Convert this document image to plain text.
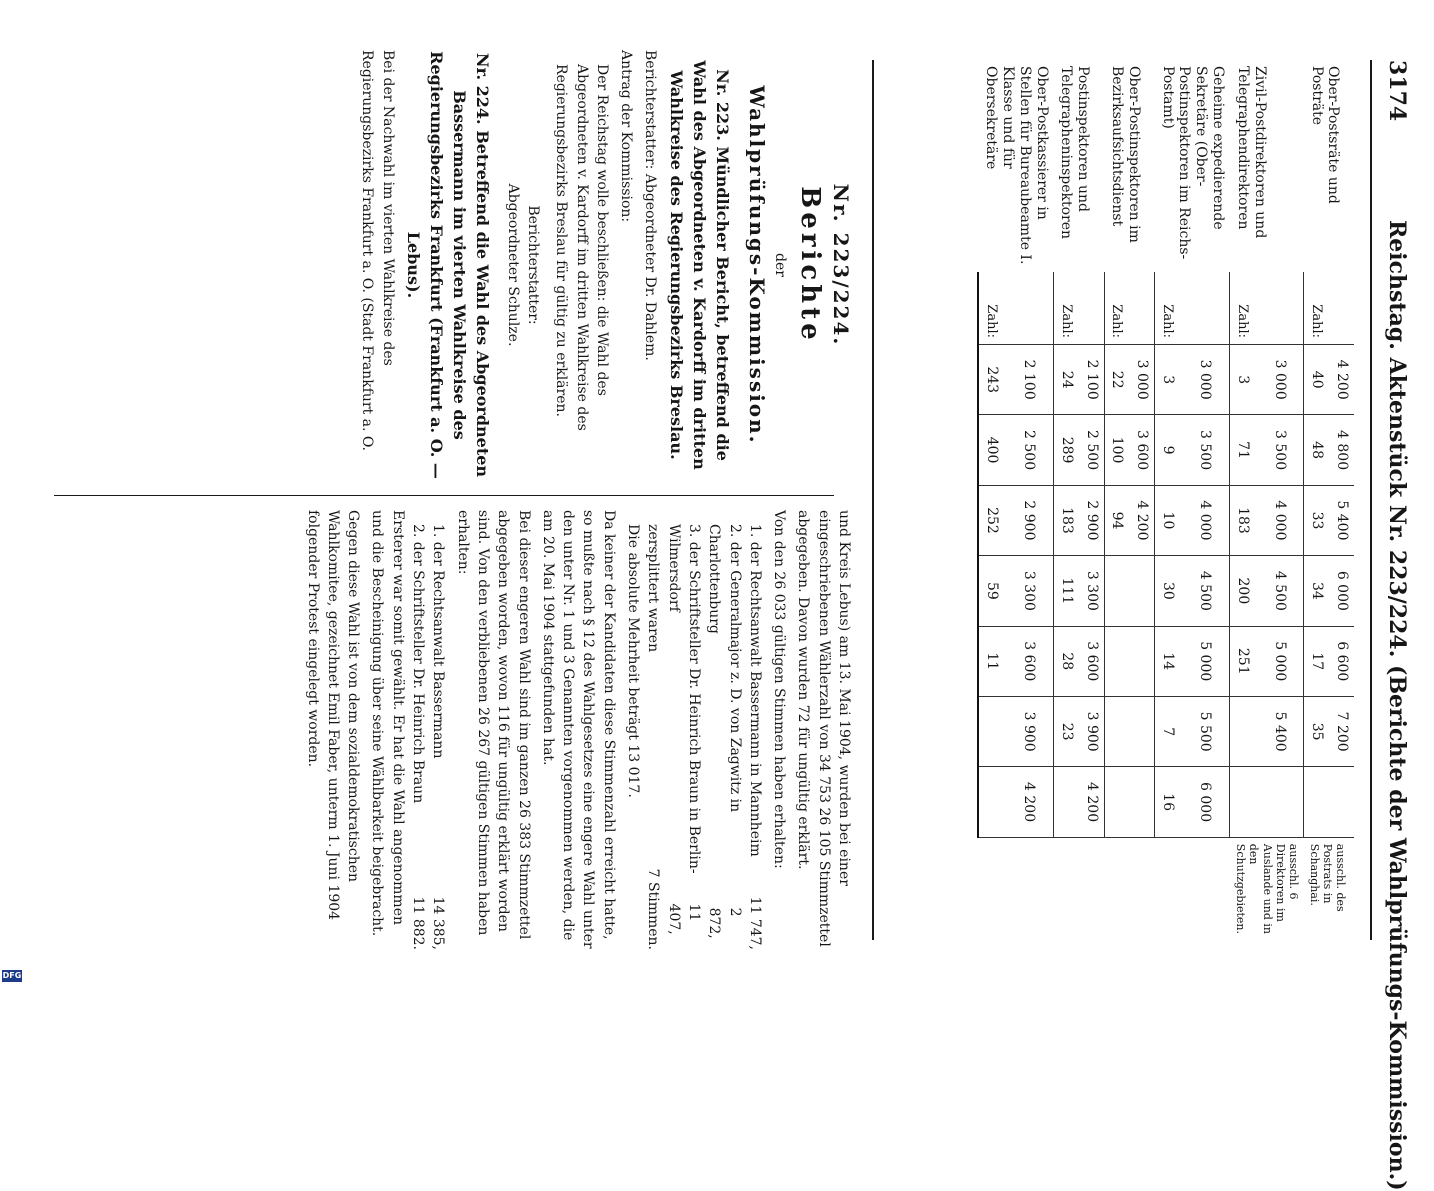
3174
Reichstag. Aktenstück Nr. 223/224. (Berichte der Wahlprüfungs-Kommission.)
Ober-Postsräte und Posträte		4 200	4 800	5 400	6 000	6 600	7 200		ausschl. des Postrats in Schanghai.
	Zahl:	40	48	33	34	17	35		
Zivil-Postdirektoren und Telegraphendirektoren		3 000	3 500	4 000	4 500	5 000	5 400		ausschl. 6 Direktoren im Auslande und in den Schutzgebieten.
	Zahl:	3	71	183	200	251			
Geheime expedierende Sekretäre (Ober-Postinspektoren im Reichs-Postamt)		3 000	3 500	4 000	4 500	5 000	5 500	6 000	
	Zahl:	3	9	10	30	14	7	16	
Ober-Postinspektoren im Bezirksaufsichtsdienst		3 000	3 600	4 200					
	Zahl:	22	100	94					
Postinspektoren und Telegrapheninspektoren		2 100	2 500	2 900	3 300	3 600	3 900	4 200	
	Zahl:	24	289	183	111	28	23		
Ober-Postkassierer in Stellen für Bureaubeamte I. Klasse und für Obersekretäre		2 100	2 500	2 900	3 300	3 600	3 900	4 200	
	Zahl:	243	400	252	59	11			
Nr. 223/224.
Berichte
der
Wahlprüfungs-Kommission.

Nr. 223. Mündlicher Bericht, betreffend die Wahl des Abgeordneten v. Kardorff im dritten Wahlkreise des Regierungsbezirks Breslau.

Berichterstatter: Abgeordneter Dr. Dahlem.

Antrag der Kommission:

Der Reichstag wolle beschließen: die Wahl des Abgeordneten v. Kardorff im dritten Wahlkreise des Regierungsbezirks Breslau für gültig zu erklären.

Berichterstatter:
Abgeordneter Schulze.

Nr. 224. Betreffend die Wahl des Abgeordneten Bassermann im vierten Wahlkreise des Regierungsbezirks Frankfurt (Frankfurt a. O. — Lebus).

Bei der Nachwahl im vierten Wahlkreise des Regierungsbezirks Frankfurt a. O. (Stadt Frankfurt a. O.

und Kreis Lebus) am 13. Mai 1904, wurden bei einer eingeschriebenen Wählerzahl von 34 753 26 105 Stimmzettel abgegeben. Davon wurden 72 für ungültig erklärt.

Von den 26 033 gültigen Stimmen haben erhalten:

1. der Rechtsanwalt Bassermann in Mannheim
11 747,
2. der Generalmajor z. D. von Zagwitz in Charlottenburg
2 872,
3. der Schriftsteller Dr. Heinrich Braun in Berlin-Wilmersdorf
11 407,
zersplittert waren
7 Stimmen.

Die absolute Mehrheit beträgt 13 017.

Da keiner der Kandidaten diese Stimmenzahl erreicht hatte, so mußte nach § 12 des Wahlgesetzes eine engere Wahl unter den unter Nr. 1 und 3 Genannten vorgenommen werden, die am 20. Mai 1904 stattgefunden hat.

Bei dieser engeren Wahl sind im ganzen 26 383 Stimmzettel abgegeben worden, wovon 116 für ungültig erklärt worden sind. Von den verbliebenen 26 267 gültigen Stimmen haben erhalten:

1. der Rechtsanwalt Bassermann
14 385,
2. der Schriftsteller Dr. Heinrich Braun
11 882.

Ersterer war somit gewählt. Er hat die Wahl angenommen und die Bescheinigung über seine Wählbarkeit beigebracht.

Gegen diese Wahl ist von dem sozialdemokratischen Wahlkomitee, gezeichnet Emil Faber, unterm 1. Juni 1904 folgender Protest eingelegt worden.

DFG
